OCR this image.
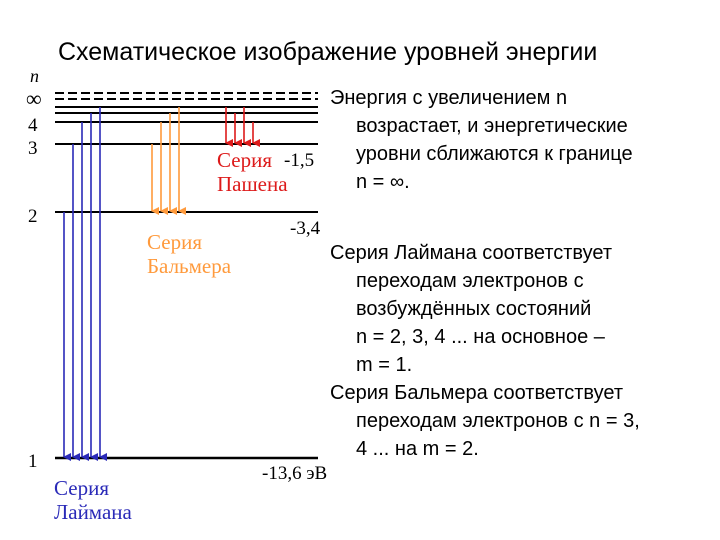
Схематическое изображение уровней энергии
n
∞
4
3
2
1
-1,5
-3,4
-13,6 эВ
Серия
Пашена
Серия
Бальмера
Серия
Лаймана
Энергия с увеличением n
возрастает, и энергетические
уровни сближаются к границе
n = ∞.
Серия Лаймана соответствует
переходам электронов с
возбуждённых состояний
n = 2, 3, 4 ... на основное –
m = 1.
Серия Бальмера соответствует
переходам электронов с n = 3,
4 ... на m = 2.
